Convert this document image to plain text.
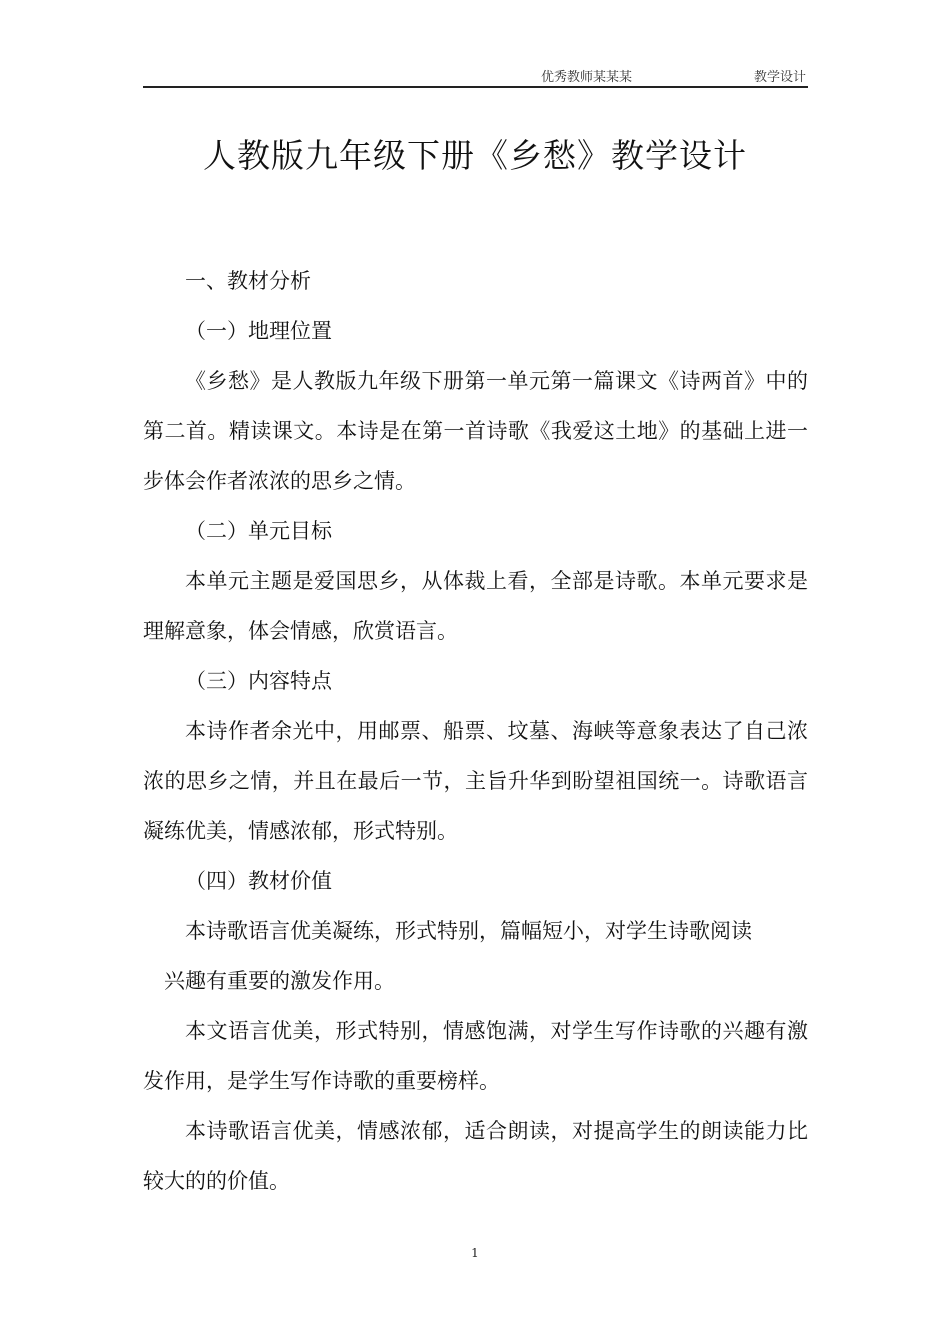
优秀教师某某某	教学设计
人教版九年级下册《乡愁》教学设计

一、教材分析

（一）地理位置

《乡愁》是人教版九年级下册第一单元第一篇课文《诗两首》中的第二首。精读课文。本诗是在第一首诗歌《我爱这土地》的基础上进一步体会作者浓浓的思乡之情。

（二）单元目标

本单元主题是爱国思乡，从体裁上看，全部是诗歌。本单元要求是理解意象，体会情感，欣赏语言。

（三）内容特点

本诗作者余光中，用邮票、船票、坟墓、海峡等意象表达了自己浓浓的思乡之情，并且在最后一节，主旨升华到盼望祖国统一。诗歌语言凝练优美，情感浓郁，形式特别。

（四）教材价值

本诗歌语言优美凝练，形式特别，篇幅短小，对学生诗歌阅读
兴趣有重要的激发作用。

本文语言优美，形式特别，情感饱满，对学生写作诗歌的兴趣有激发作用，是学生写作诗歌的重要榜样。

本诗歌语言优美，情感浓郁，适合朗读，对提高学生的朗读能力比较大的的价值。

1
